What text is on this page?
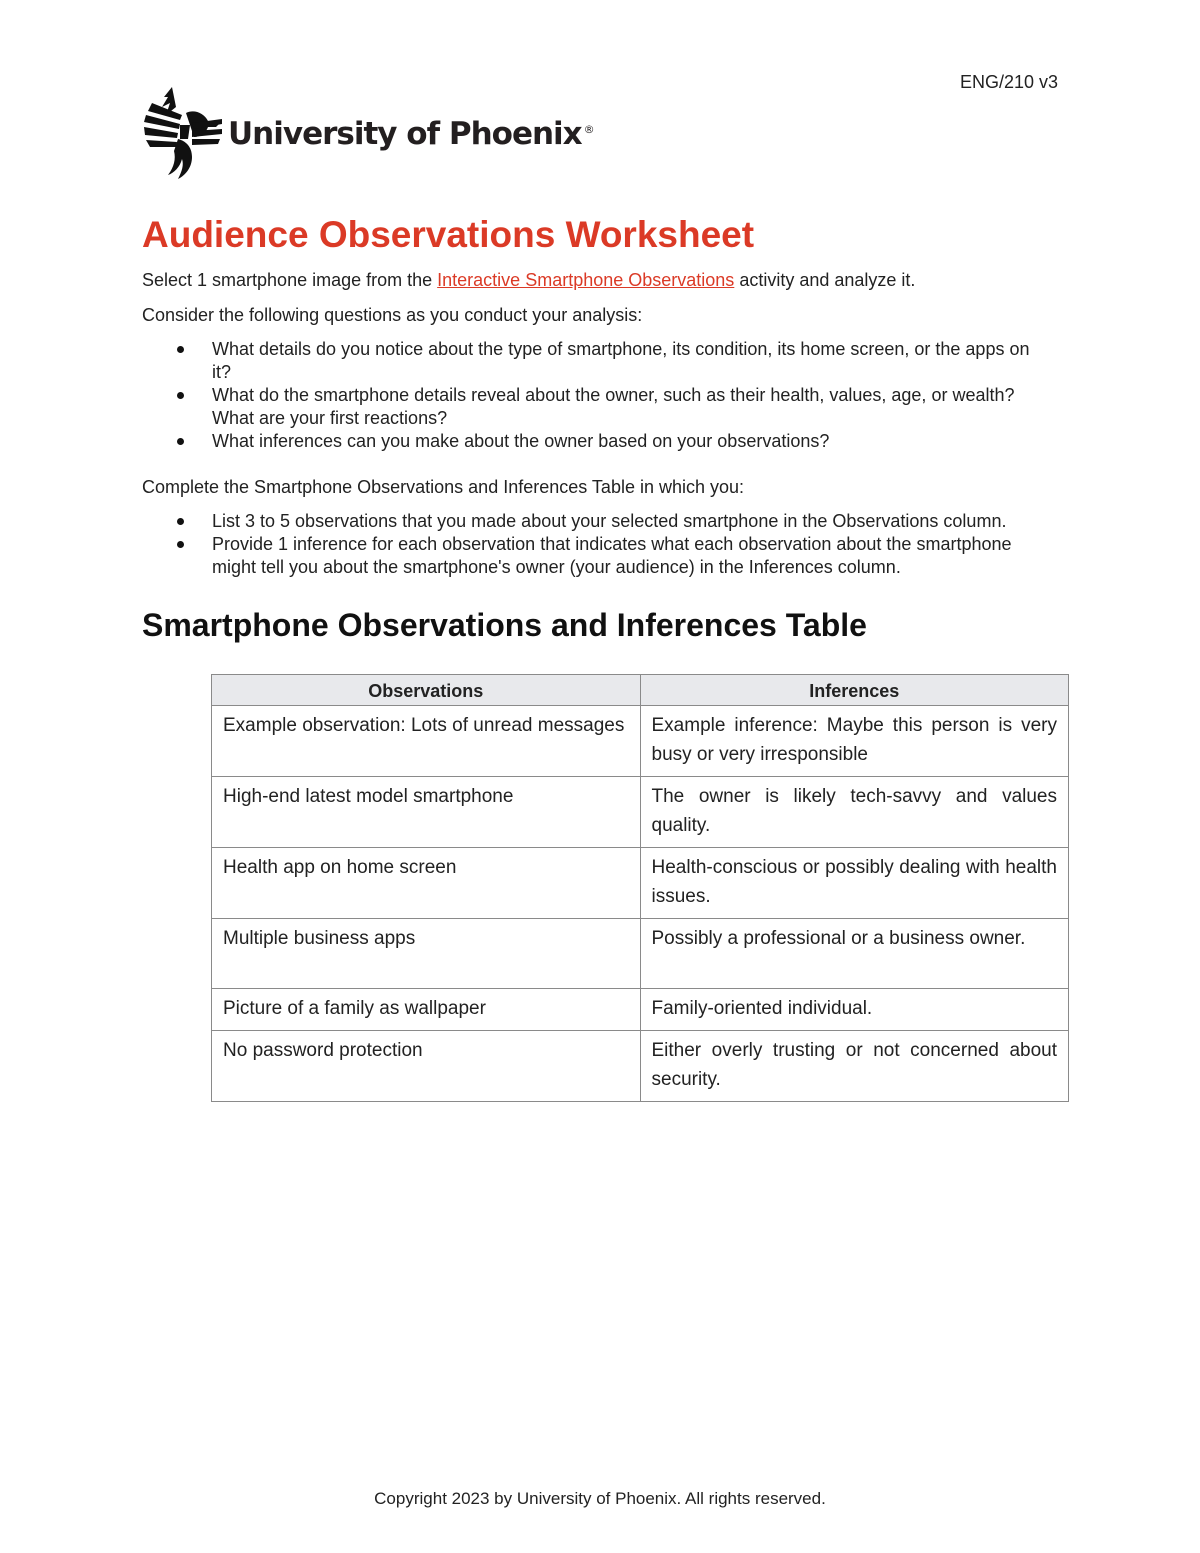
ENG/210 v3
University of Phoenix ®
Audience Observations Worksheet

Select 1 smartphone image from the Interactive Smartphone Observations activity and analyze it.

Consider the following questions as you conduct your analysis:

What details do you notice about the type of smartphone, its condition, its home screen, or the apps on it?
What do the smartphone details reveal about the owner, such as their health, values, age, or wealth? What are your first reactions?
What inferences can you make about the owner based on your observations?

Complete the Smartphone Observations and Inferences Table in which you:

List 3 to 5 observations that you made about your selected smartphone in the Observations column.
Provide 1 inference for each observation that indicates what each observation about the smartphone might tell you about the smartphone's owner (your audience) in the Inferences column.
Smartphone Observations and Inferences Table
Observations	Inferences
Example observation: Lots of unread messages	Example inference: Maybe this person is very busy or very irresponsible
High-end latest model smartphone	The owner is likely tech-savvy and values quality.
Health app on home screen	Health-conscious or possibly dealing with health issues.
Multiple business apps	Possibly a professional or a business owner.
Picture of a family as wallpaper	Family-oriented individual.
No password protection	Either overly trusting or not concerned about security.
Copyright 2023 by University of Phoenix. All rights reserved.
